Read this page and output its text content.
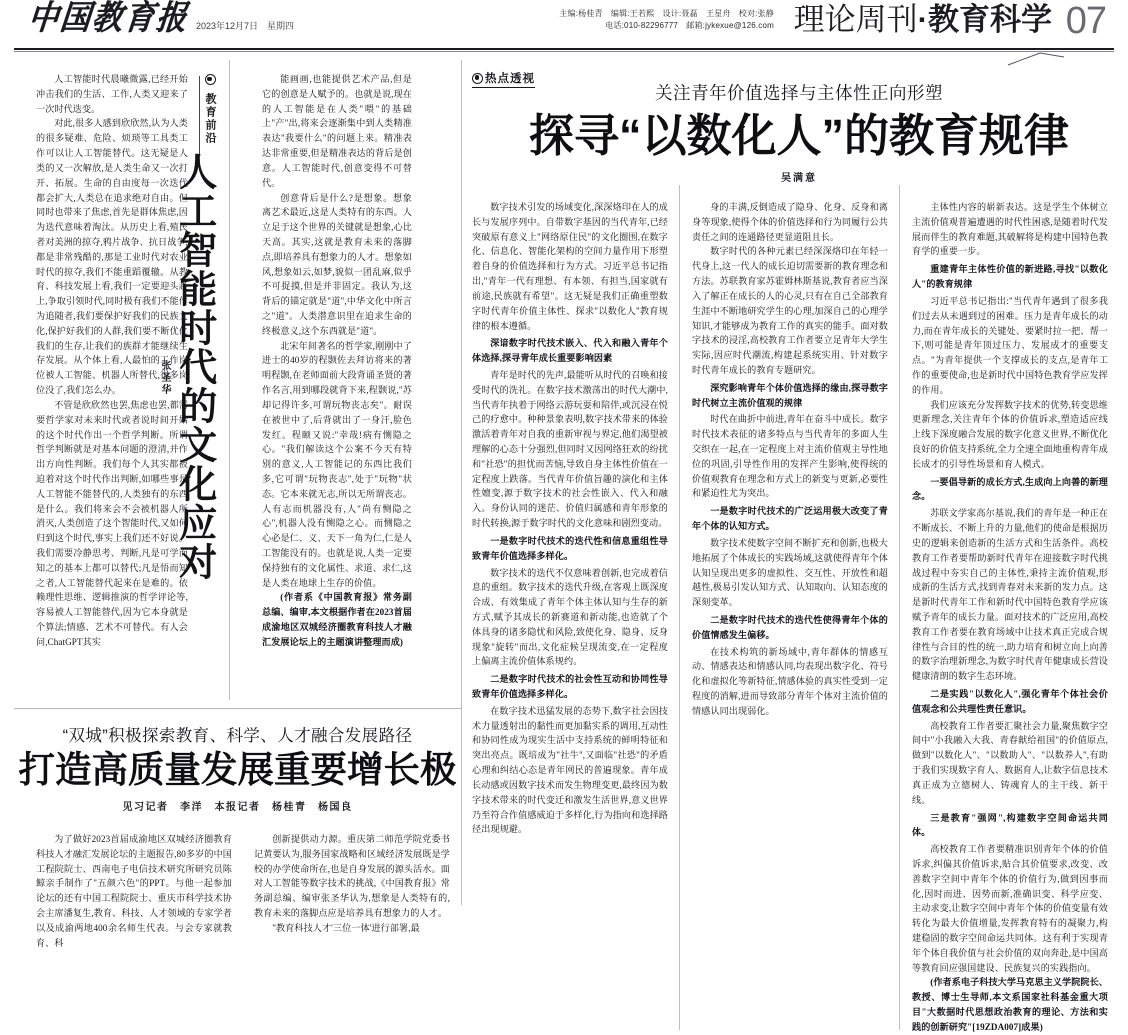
中国教育报 2023年12月7日　星期四
主编:杨桂青　编辑:王若熙　设计:聂磊　王星舟　校对:张静
电话:010-82296777　邮箱:jykexue@126.com 理论周刊·教育科学 07
教育前沿
人工智能时代的文化应对
张圣华

人工智能时代晨曦微露,已经开始冲击我们的生活、工作,人类又迎来了一次时代迭变。

对此,很多人感到欣欣然,认为人类的很多疑难、危险、烦琐等工具类工作可以让人工智能替代。这无疑是人类的又一次解放,是人类生命又一次打开、拓展。生命的自由度每一次迭代都会扩大,人类总在追求绝对自由。但同时也带来了焦虑,首先是群体焦虑,因为迭代意味着淘汰。从历史上看,殖民者对美洲的掠夺,鸦片战争、抗日战争,都是非常残酷的,那是工业时代对农业时代的掠夺,我们不能重蹈覆辙。从教育、科技发展上看,我们一定要迎头赶上,争取引领时代,同时极有我们不能作为追随者,我们要保护好我们的民族文化,保护好我们的人群,我们要不断优化我们的生存,让我们的族群才能继续生存发展。从个体上看,人最怕的工作岗位被人工智能、机器人所替代,很多岗位没了,我们怎么办。

不管是欣欣然也罢,焦虑也罢,都需要哲学家对未来时代或者说时间开始的这个时代作出一个哲学判断。所谓哲学判断就是对基本问题的澄清,并作出方向性判断。我们每个人其实都被迫着对这个时代作出判断,如哪些事是人工智能不能替代的,人类独有的东西是什么。我们将来会不会被机器人所消灭,人类创造了这个智能时代,又如何归到这个时代,事实上我们还不好说。我们需要冷静思考、判断,凡是可学而知之的基本上都可以替代;凡是悟而知之者,人工智能替代起来在是难的。依赖理性思维、逻辑推演的哲学评论等,容易被人工智能替代,因为它本身就是个算法;情感、艺术不可替代。有人会问,ChatGPT其实

能画画,也能提供艺术产品,但是它的创意是人赋予的。也就是说,现在的人工智能是在人类"喂"的基础上"产"出,将来会逐渐集中到人类精准表达"我要什么"的问题上来。精准表达非常重要,但是精准表达的背后是创意。人工智能时代,创意变得不可替代。

创意背后是什么?是想象。想象离艺术最近,这是人类特有的东西。人立足于这个世界的关键就是想象,心比天高。其实,这就是教育未来的落脚点,即培养具有想象力的人才。想象如风,想象如云,如梦,貌似一团乱麻,似乎不可捉摸,但是并非固定。我认为,这背后的锚定就是"道",中华文化中所言之"道"。人类潜意识里在追求生命的终极意义,这个东西就是"道"。

北宋年间著名的哲学家,刚刚中了进士的40岁的程颢佐去拜访将来的著明程颢,在老师面前大段背诵圣贤的著作名言,用到哪段就背下来,程颢说,"苏却记得许多,可谓玩物丧志矣"。耐误在被世中了,后背就出了一身汗,脸色发红。程颐又说:"幸哉!病有恻隐之心。"我们解读这个公案不今天有特别的意义,人工智能记的东西比我们多,它可谓"玩物丧志",处于"玩物"状态。它本来就无志,所以无所谓丧志。人有志而机器没有,人"尚有恻隐之心",机器人没有恻隐之心。而恻隐之心必是仁、义、天下一角为仁,仁是人工智能没有的。也就是说,人类一定要保持独有的文化属性、求道、求仁,这是人类在地球上生存的价值。

(作者系《中国教育报》常务副总编、编审,本文根据作者在2023首届成渝地区双城经济圈教育科技人才融汇发展论坛上的主题演讲整理而成)

热点透视
关注青年价值选择与主体性正向形塑
探寻“以数化人”的教育规律
吴满意

数字技术引发的场域变化,深深烙印在人的成长与发展序列中。自带数字基因的当代青年,已经突破原有意义上"网络原住民"的文化圈围,在数字化、信息化、智能化架构的空间力量作用下形塑着自身的价值选择和行为方式。习近平总书记指出,"青年一代有理想、有本领、有担当,国家就有前途,民族就有希望"。这无疑是我们正确重塑数字时代青年价值主体性、探求"以数化人"教育规律的根本遵循。

深谙数字时代技术嵌入、代入和融入青年个体选择,探寻青年成长重要影响因素

青年是时代的先声,最能听从时代的召唤和接受时代的洗礼。在数字技术激荡出的时代大潮中,当代青年执着于网络云游玩耍和陪伴,或沉浸在悦己的疗愈中。种种景象表明,数字技术带来的体验激活着青年对自我的重新审视与界定,他们渴望被理解的心态十分强烈,但同时又因网络狂欢的纷扰和"社恐"的担忧而苦恼,导致自身主体性价值在一定程度上跌落。当代青年价值旨趣的演化和主体性嬗变,源于数字技术的社会性嵌入、代入和融入。身份认同的迷茫、价值归属感和青年形象的时代转换,源于数字时代的文化意味和剧烈变动。

一是数字时代技术的迭代性和信息重组性导致青年价值选择多样化。

数字技术的迭代不仅意味着创新,也完成着信息的重组。数字技术的迭代升级,在客观上既深度合成、有效集成了青年个体主体认知与生存的新方式,赋予其成长的新赛道和新动能,也造就了个体具身的诸多隐忧和风险,致使化身、隐身、反身现象"旋转"而出,文化症候呈现流变,在一定程度上偏离主流价值体系规约。

二是数字时代技术的社会性互动和协同性导致青年价值选择多样化。

在数字技术迅猛发展的态势下,数字社会因技术力量透射出的黏性而更加黏实系的调用,互动性和协同性成为现实生活中支持系统的鲜明特征和突出亮点。既培成为"社牛",又面临"社恐"的矛盾心理和纠结心态是青年网民的普遍现象。青年成长动感或因数字技术而发生物理变更,最终因为数字技术带来的时代变迁和激发生活世界,意义世界乃至符合作值感威迫于多样化,行为指向和选择路径出现规避。

身的丰满,反倒造成了隐身、化身、反身和离身等现象,使得个体的价值选择和行为同履行公共责任之间的连通路径更显道阻且长。

数字时代的各种元素已经深深烙印在年轻一代身上,这一代人的成长迫切需要新的教育理念和方法。苏联教育家苏霍姆林斯基说,教育者应当深入了解正在成长的人的心灵,只有在自己全部教育生涯中不断地研究学生的心理,加深自己的心理学知识,才能够成为教育工作的真实的能手。面对数字技术的浸淫,高校教育工作者要立足青年大学生实际,因应时代潮流,构建起系统实用、针对数字时代青年成长的教育专题研究。

深究影响青年个体价值选择的缘由,探寻数字时代树立主流价值观的规律

时代在曲折中前进,青年在奋斗中成长。数字时代技术表征的诸多特点与当代青年的多面人生交织在一起,在一定程度上对主流价值观主导性地位的巩固,引导性作用的发挥产生影响,使得统的价值观教育在理念和方式上的新变与更新,必要性和紧迫性尤为突出。

一是数字时代技术的广泛运用极大改变了青年个体的认知方式。

数字技术使数字空间不断扩充和创新,也极大地拓展了个体成长的实践场域,这就使得青年个体认知呈现出更多的虚拟性、交互性、开放性和超越性,极易引发认知方式、认知取向、认知态度的深刻变革。

二是数字时代技术的迭代性使得青年个体的价值情感发生偏移。

在技术构筑的新场域中,青年群体的情感互动、情感表达和情感认同,均表现出数字化、符号化和虚拟化等新特征,情感体验的真实性受到一定程度的消解,进而导致部分青年个体对主流价值的情感认同出现弱化。

主体性内容的崭新表达。这是学生个体树立主流价值观普遍遭遇的时代性困惑,是随着时代发展而伴生的教育难题,其破解将是构建中国特色教育学的重要一步。

重建青年主体性价值的新进路,寻找"以数化人"的教育规律

习近平总书记指出:"当代青年遇到了很多我们过去从未遇到过的困难。压力是青年成长的动力,而在青年成长的关键处、要紧时拉一把、帮一下,则可能是青年顶过压力、发展成才的重要支点。"为青年提供一个支撑成长的支点,是青年工作的重要使命,也是新时代中国特色教育学应发挥的作用。

我们应该充分发挥数字技术的优势,转变思维更新理念,关注青年个体的价值诉求,塑造适应线上线下深度融合发展的数字化意义世界,不断优化良好的价值支持系统,全力全速全面地重构青年成长成才的引导性场景和育人模式。

一要倡导新的成长方式,生成向上向善的新理念。

苏联文学家高尔基说,我们的青年是一种正在不断成长、不断上升的力量,他们的使命是根据历史的逻辑来创造新的生活方式和生活条件。高校教育工作者要帮助新时代青年在迎接数字时代挑战过程中夯实自己的主体性,秉持主流价值观,形成新的生活方式,找到青春对未来新的发力点。这是新时代青年工作和新时代中国特色教育学应该赋予青年的成长力量。面对技术的广泛应用,高校教育工作者要在教育场域中让技术真正完成合规律性与合目的性的统一,助力培育和树立向上向善的数字治理新理念,为数字时代青年健康成长营设健康清朗的数字生态环境。

二是实践"以数化人",强化青年个体社会价值观念和公共理性责任意识。

高校教育工作者要汇聚社会力量,聚焦数字空间中"小我融入大我、青春献给祖国"的价值原点,做到"以数化人"、"以数助人"、"以数养人",有助于我们实现数字育人、数据育人,让数字信息技术真正成为立德树人、铸魂育人的主干线、新干线。

三是教育"强网",构建数字空间命运共同体。

高校教育工作者要精准识别青年个体的价值诉求,纠偏其价值诉求,贴合其价值要求,改变、改善数字空间中青年个体的价值行为,做到因事而化,因时而进、因势而新,准确识变、科学应变、主动求变,让数字空间中青年个体的价值变量有效转化为最大价值增量,发挥教育特有的凝聚力,构建稳固的数字空间命运共同体。这有利于实现青年个体自我价值与社会价值的双向奔赴,是中国高等教育回应强国建设、民族复兴的实践指向。

(作者系电子科技大学马克思主义学院院长、教授、博士生导师,本文系国家社科基金重大项目"大数据时代思想政治教育的理论、方法和实践的创新研究"[19ZDA007]成果)

“双城”积极探索教育、科学、人才融合发展路径
打造高质量发展重要增长极
见习记者　李洋　本报记者　杨桂青　杨国良

为了做好2023首届成渝地区双城经济圈教育科技人才融汇发展论坛的主题报告,80多岁的中国工程院院士、西南电子电信技术研究所研究员陈鲸亲手制作了"五颜六色"的PPT。与他一起参加论坛的还有中国工程院院士、重庆市科学技术协会主席潘复生,教育、科技、人才领域的专家学者以及成渝两地400余名师生代表。与会专家就教育、科

创新提供动力源。重庆第二师范学院党委书记黄要认为,服务国家战略和区域经济发展既是学校的办学使命所在,也是自身发展的源头活水。面对人工智能等数字技术的挑战,《中国教育报》常务副总编、编审张圣华认为,想象是人类特有的,教育未来的落脚点应是培养具有想象力的人才。

"教育科技人才'三位一体'进行部署,最
